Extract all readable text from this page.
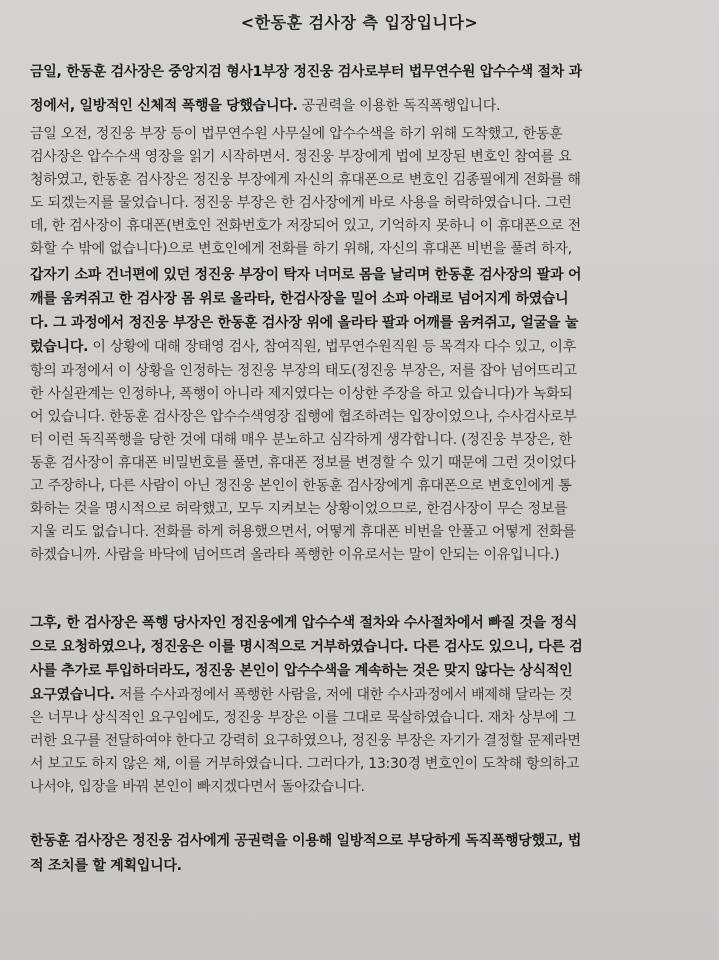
<한동훈 검사장 측 입장입니다>
금일, 한동훈 검사장은 중앙지검 형사1부장 정진웅 검사로부터 법무연수원 압수수색 절차 과
정에서, 일방적인 신체적 폭행을 당했습니다. 공권력을 이용한 독직폭행입니다.
금일 오전, 정진웅 부장 등이 법무연수원 사무실에 압수수색을 하기 위해 도착했고, 한동훈
검사장은 압수수색 영장을 읽기 시작하면서. 정진웅 부장에게 법에 보장된 변호인 참여를 요
청하였고, 한동훈 검사장은 정진웅 부장에게 자신의 휴대폰으로 변호인 김종필에게 전화를 해
도 되겠는지를 물었습니다. 정진웅 부장은 한 검사장에게 바로 사용을 허락하였습니다. 그런
데, 한 검사장이 휴대폰(변호인 전화번호가 저장되어 있고, 기억하지 못하니 이 휴대폰으로 전
화할 수 밖에 없습니다)으로 변호인에게 전화를 하기 위해, 자신의 휴대폰 비번을 풀려 하자,
갑자기 소파 건너편에 있던 정진웅 부장이 탁자 너머로 몸을 날리며 한동훈 검사장의 팔과 어
깨를 움켜쥐고 한 검사장 몸 위로 올라타, 한검사장을 밀어 소파 아래로 넘어지게 하였습니
다. 그 과정에서 정진웅 부장은 한동훈 검사장 위에 올라타 팔과 어깨를 움켜쥐고, 얼굴을 눌
렀습니다. 이 상황에 대해 장태영 검사, 참여직원, 법무연수원직원 등 목격자 다수 있고, 이후
항의 과정에서 이 상황을 인정하는 정진웅 부장의 태도(정진웅 부장은, 저를 잡아 넘어뜨리고
한 사실관계는 인정하나, 폭행이 아니라 제지였다는 이상한 주장을 하고 있습니다)가 녹화되
어 있습니다. 한동훈 검사장은 압수수색영장 집행에 협조하려는 입장이었으나, 수사검사로부
터 이런 독직폭행을 당한 것에 대해 매우 분노하고 심각하게 생각합니다. (정진웅 부장은, 한
동훈 검사장이 휴대폰 비밀번호를 풀면, 휴대폰 정보를 변경할 수 있기 때문에 그런 것이었다
고 주장하나, 다른 사람이 아닌 정진웅 본인이 한동훈 검사장에게 휴대폰으로 변호인에게 통
화하는 것을 명시적으로 허락했고, 모두 지켜보는 상황이었으므로, 한검사장이 무슨 정보를
지울 리도 없습니다. 전화를 하게 허용했으면서, 어떻게 휴대폰 비번을 안풀고 어떻게 전화를
하겠습니까. 사람을 바닥에 넘어뜨려 올라타 폭행한 이유로서는 말이 안되는 이유입니다.)
그후, 한 검사장은 폭행 당사자인 정진웅에게 압수수색 절차와 수사절차에서 빠질 것을 정식
으로 요청하였으나, 정진웅은 이를 명시적으로 거부하였습니다. 다른 검사도 있으니, 다른 검
사를 추가로 투입하더라도, 정진웅 본인이 압수수색을 계속하는 것은 맞지 않다는 상식적인
요구였습니다. 저를 수사과정에서 폭행한 사람을, 저에 대한 수사과정에서 배제해 달라는 것
은 너무나 상식적인 요구임에도, 정진웅 부장은 이를 그대로 묵살하였습니다. 재차 상부에 그
러한 요구를 전달하여야 한다고 강력히 요구하였으나, 정진웅 부장은 자기가 결정할 문제라면
서 보고도 하지 않은 채, 이를 거부하였습니다. 그러다가, 13:30경 변호인이 도착해 항의하고
나서야, 입장을 바꿔 본인이 빠지겠다면서 돌아갔습니다.
한동훈 검사장은 정진웅 검사에게 공권력을 이용해 일방적으로 부당하게 독직폭행당했고, 법
적 조치를 할 계획입니다.
